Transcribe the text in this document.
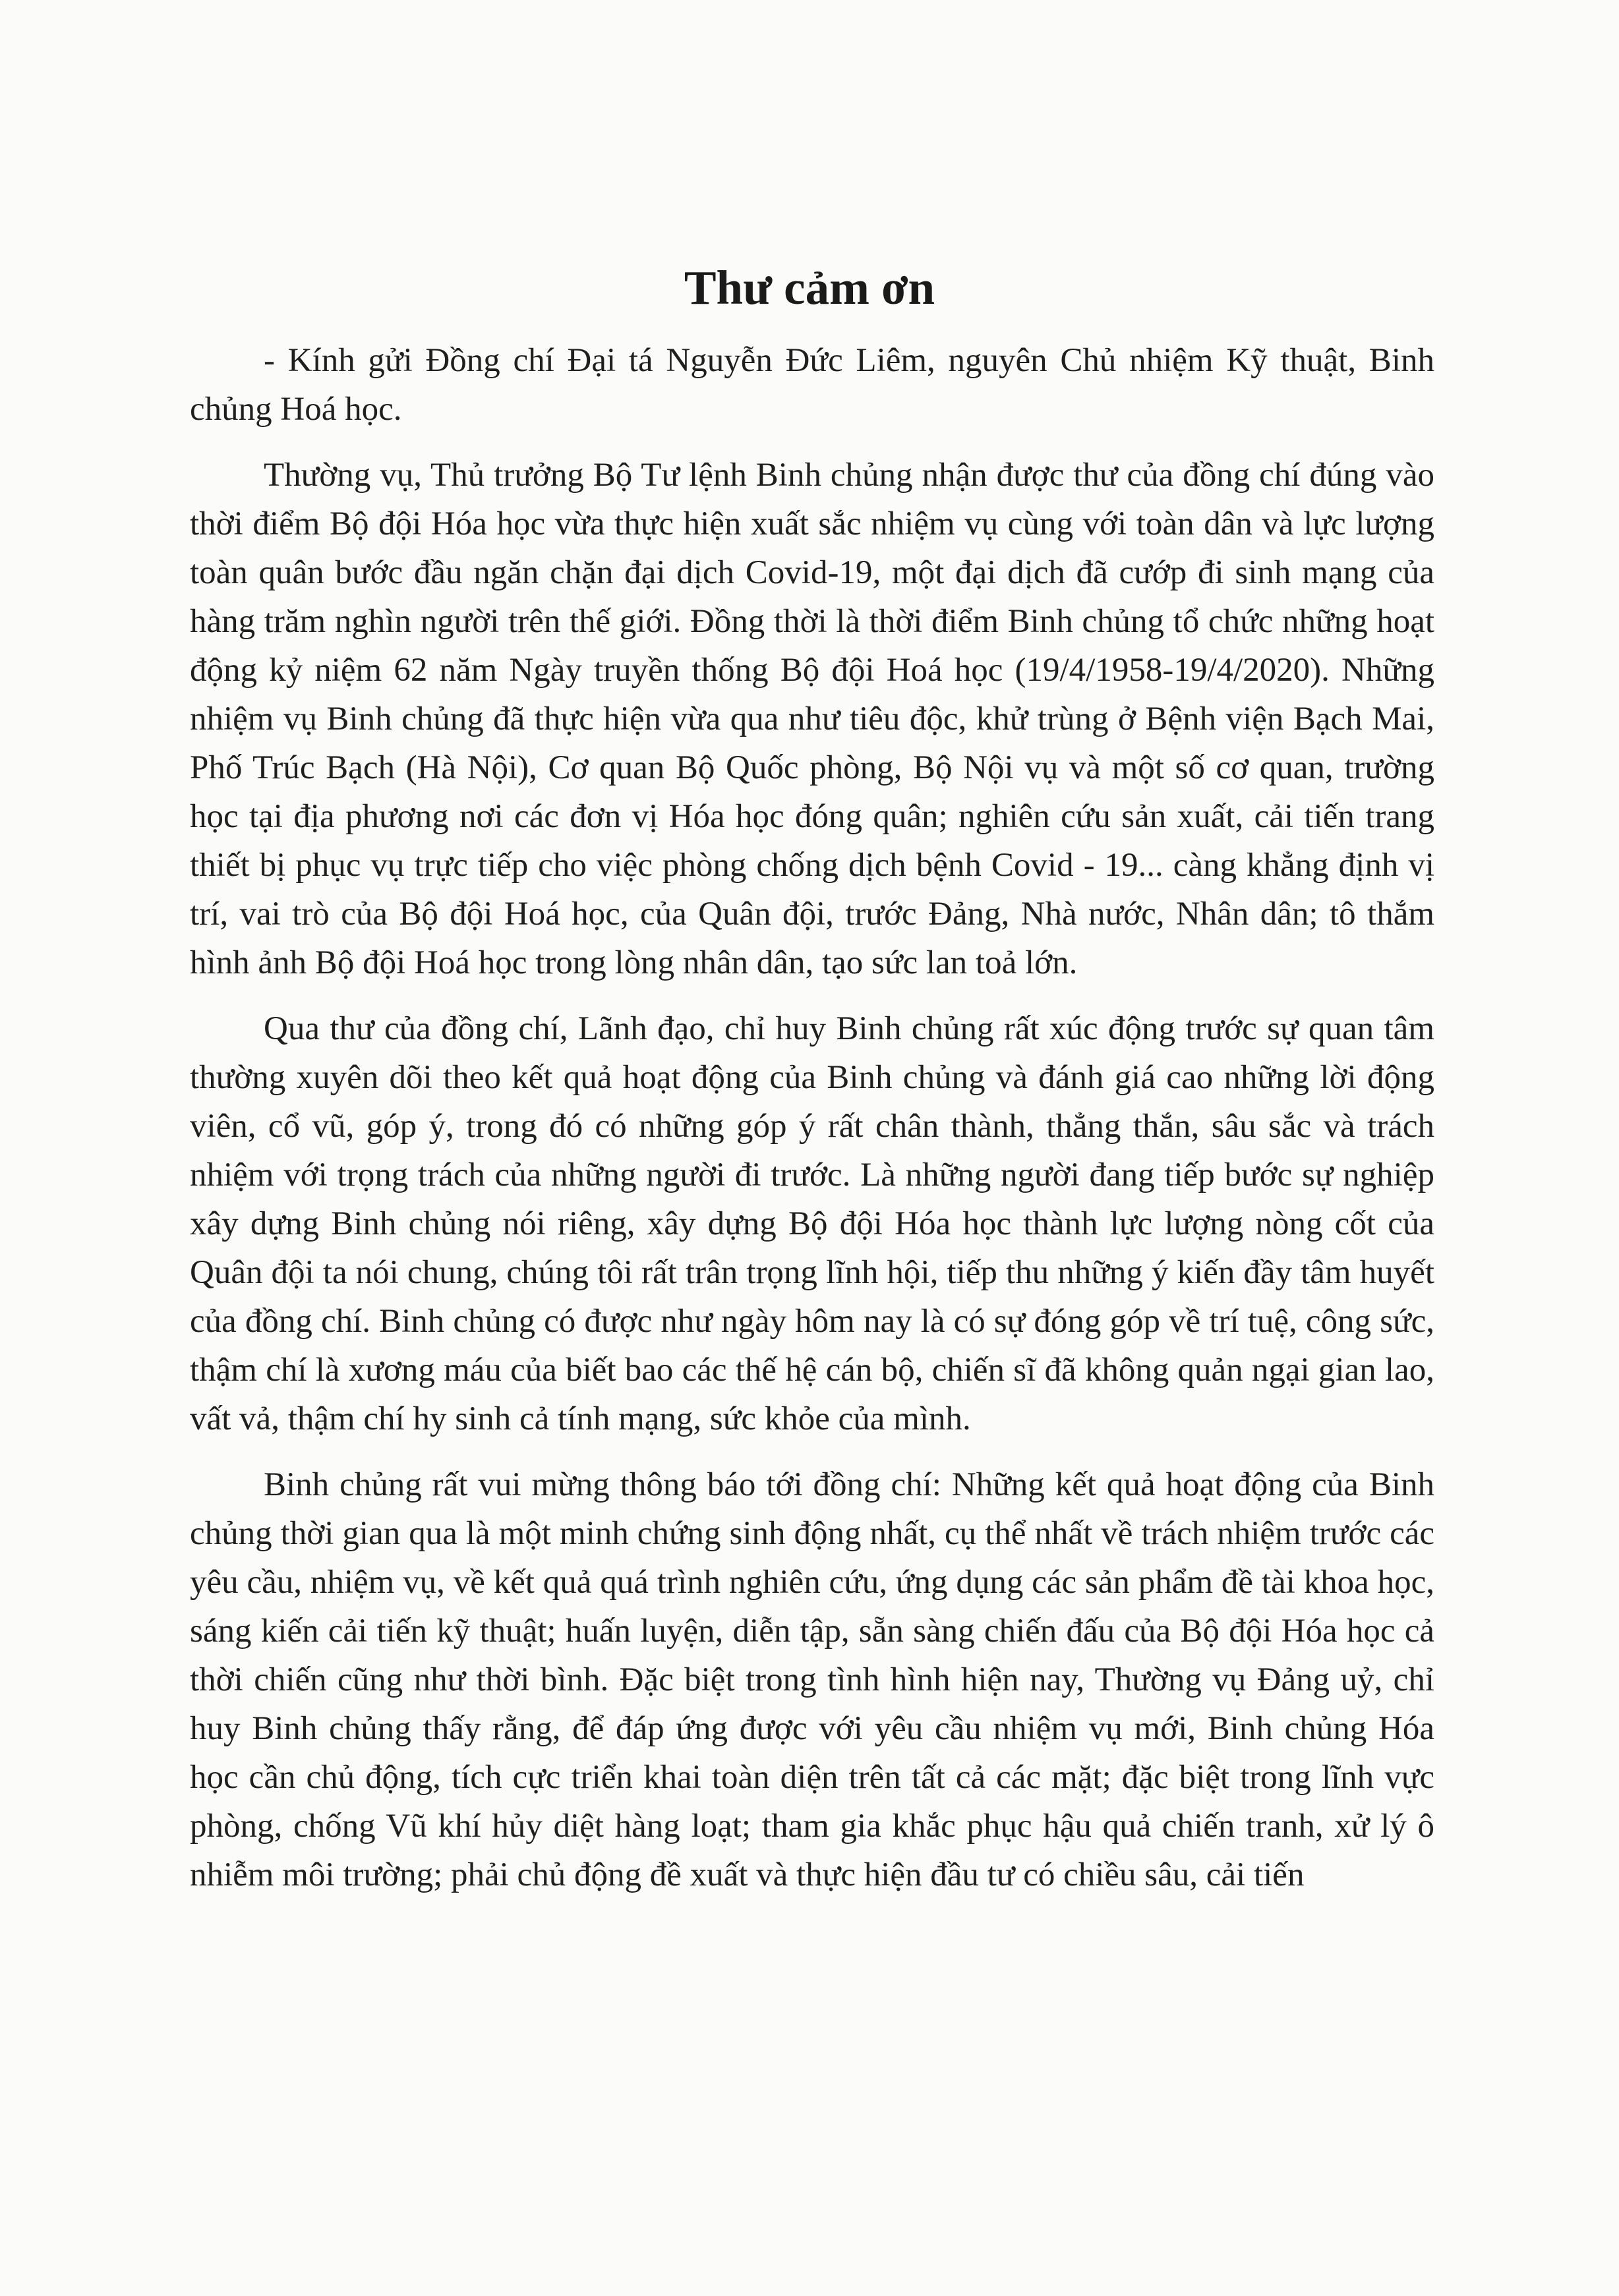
Thư cảm ơn

- Kính gửi Đồng chí Đại tá Nguyễn Đức Liêm, nguyên Chủ nhiệm Kỹ thuật, Binh chủng Hoá học.

Thường vụ, Thủ trưởng Bộ Tư lệnh Binh chủng nhận được thư của đồng chí đúng vào thời điểm Bộ đội Hóa học vừa thực hiện xuất sắc nhiệm vụ cùng với toàn dân và lực lượng toàn quân bước đầu ngăn chặn đại dịch Covid-19, một đại dịch đã cướp đi sinh mạng của hàng trăm nghìn người trên thế giới. Đồng thời là thời điểm Binh chủng tổ chức những hoạt động kỷ niệm 62 năm Ngày truyền thống Bộ đội Hoá học (19/4/1958-19/4/2020). Những nhiệm vụ Binh chủng đã thực hiện vừa qua như tiêu độc, khử trùng ở Bệnh viện Bạch Mai, Phố Trúc Bạch (Hà Nội), Cơ quan Bộ Quốc phòng, Bộ Nội vụ và một số cơ quan, trường học tại địa phương nơi các đơn vị Hóa học đóng quân; nghiên cứu sản xuất, cải tiến trang thiết bị phục vụ trực tiếp cho việc phòng chống dịch bệnh Covid - 19... càng khẳng định vị trí, vai trò của Bộ đội Hoá học, của Quân đội, trước Đảng, Nhà nước, Nhân dân; tô thắm hình ảnh Bộ đội Hoá học trong lòng nhân dân, tạo sức lan toả lớn.

Qua thư của đồng chí, Lãnh đạo, chỉ huy Binh chủng rất xúc động trước sự quan tâm thường xuyên dõi theo kết quả hoạt động của Binh chủng và đánh giá cao những lời động viên, cổ vũ, góp ý, trong đó có những góp ý rất chân thành, thẳng thắn, sâu sắc và trách nhiệm với trọng trách của những người đi trước. Là những người đang tiếp bước sự nghiệp xây dựng Binh chủng nói riêng, xây dựng Bộ đội Hóa học thành lực lượng nòng cốt của Quân đội ta nói chung, chúng tôi rất trân trọng lĩnh hội, tiếp thu những ý kiến đầy tâm huyết của đồng chí. Binh chủng có được như ngày hôm nay là có sự đóng góp về trí tuệ, công sức, thậm chí là xương máu của biết bao các thế hệ cán bộ, chiến sĩ đã không quản ngại gian lao, vất vả, thậm chí hy sinh cả tính mạng, sức khỏe của mình.

Binh chủng rất vui mừng thông báo tới đồng chí: Những kết quả hoạt động của Binh chủng thời gian qua là một minh chứng sinh động nhất, cụ thể nhất về trách nhiệm trước các yêu cầu, nhiệm vụ, về kết quả quá trình nghiên cứu, ứng dụng các sản phẩm đề tài khoa học, sáng kiến cải tiến kỹ thuật; huấn luyện, diễn tập, sẵn sàng chiến đấu của Bộ đội Hóa học cả thời chiến cũng như thời bình. Đặc biệt trong tình hình hiện nay, Thường vụ Đảng uỷ, chỉ huy Binh chủng thấy rằng, để đáp ứng được với yêu cầu nhiệm vụ mới, Binh chủng Hóa học cần chủ động, tích cực triển khai toàn diện trên tất cả các mặt; đặc biệt trong lĩnh vực phòng, chống Vũ khí hủy diệt hàng loạt; tham gia khắc phục hậu quả chiến tranh, xử lý ô nhiễm môi trường; phải chủ động đề xuất và thực hiện đầu tư có chiều sâu, cải tiến
